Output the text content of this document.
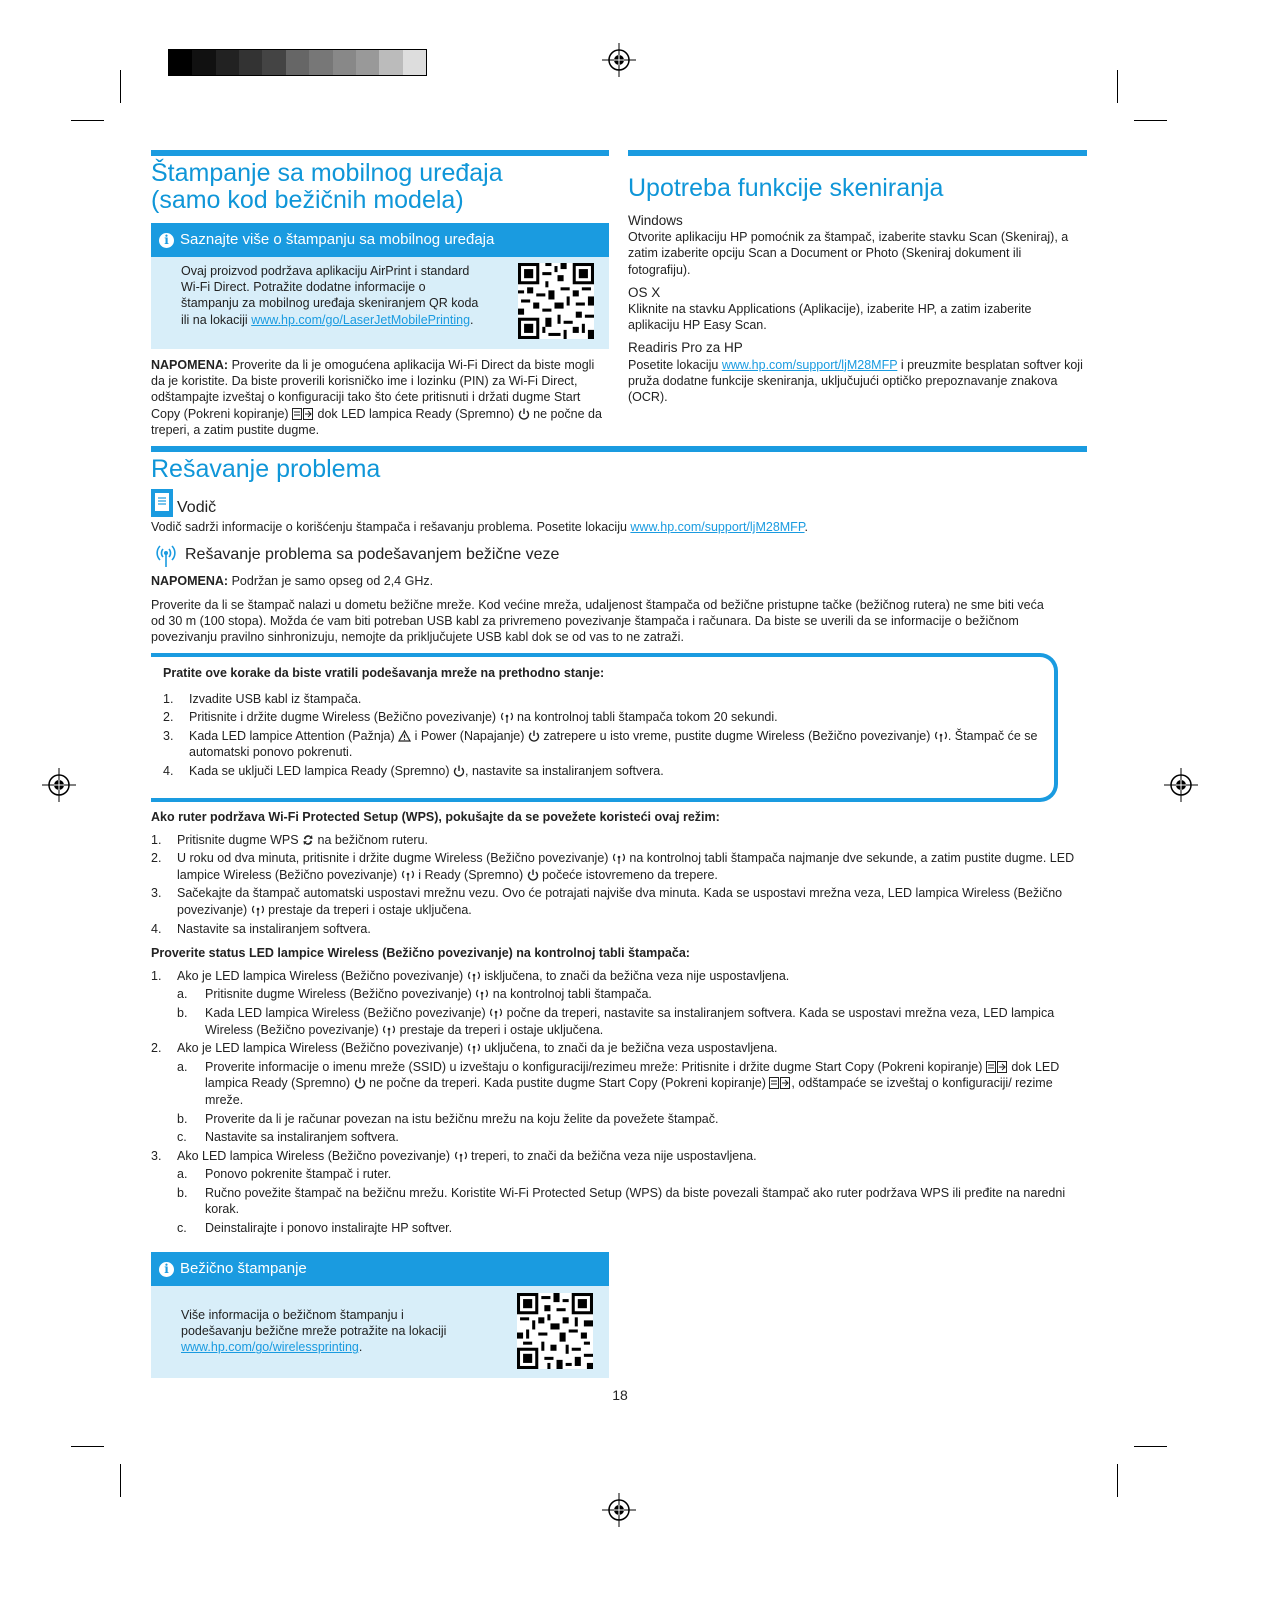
Štampanje sa mobilnog uređaja
(samo kod bežičnih modela)
i Saznajte više o štampanju sa mobilnog uređaja
Ovaj proizvod podržava aplikaciju AirPrint i standard Wi-Fi Direct. Potražite dodatne informacije o štampanju za mobilnog uređaja skeniranjem QR koda ili na lokaciji www.hp.com/go/LaserJetMobilePrinting.

NAPOMENA: Proverite da li je omogućena aplikacija Wi-Fi Direct da biste mogli da je koristite. Da biste proverili korisničko ime i lozinku (PIN) za Wi-Fi Direct, odštampajte izveštaj o konfiguraciji tako što ćete pritisnuti i držati dugme Start Copy (Pokreni kopiranje) dok LED lampica Ready (Spremno) ne počne da treperi, a zatim pustite dugme.

Upotreba funkcije skeniranja
Windows
Otvorite aplikaciju HP pomoćnik za štampač, izaberite stavku Scan (Skeniraj), a zatim izaberite opciju Scan a Document or Photo (Skeniraj dokument ili fotografiju).
OS X
Kliknite na stavku Applications (Aplikacije), izaberite HP, a zatim izaberite aplikaciju HP Easy Scan.
Readiris Pro za HP
Posetite lokaciju www.hp.com/support/ljM28MFP i preuzmite besplatan softver koji pruža dodatne funkcije skeniranja, uključujući optičko prepoznavanje znakova (OCR).
Rešavanje problema
Vodič
Vodič sadrži informacije o korišćenju štampača i rešavanju problema. Posetite lokaciju www.hp.com/support/ljM28MFP.
Rešavanje problema sa podešavanjem bežične veze

NAPOMENA: Podržan je samo opseg od 2,4 GHz.

Proverite da li se štampač nalazi u dometu bežične mreže. Kod većine mreža, udaljenost štampača od bežične pristupne tačke (bežičnog rutera) ne sme biti veća od 30 m (100 stopa). Možda će vam biti potreban USB kabl za privremeno povezivanje štampača i računara. Da biste se uverili da se informacije o bežičnom povezivanju pravilno sinhronizuju, nemojte da priključujete USB kabl dok se od vas to ne zatraži.

Pratite ove korake da biste vratili podešavanja mreže na prethodno stanje:
1.	Izvadite USB kabl iz štampača.
2.	Pritisnite i držite dugme Wireless (Bežično povezivanje) na kontrolnoj tabli štampača tokom 20 sekundi.
3.	Kada LED lampice Attention (Pažnja) i Power (Napajanje) zatrepere u isto vreme, pustite dugme Wireless (Bežično povezivanje) . Štampač će se automatski ponovo pokrenuti.
4.	Kada se uključi LED lampica Ready (Spremno) , nastavite sa instaliranjem softvera.
Ako ruter podržava Wi-Fi Protected Setup (WPS), pokušajte da se povežete koristeći ovaj režim:
1.	Pritisnite dugme WPS na bežičnom ruteru.
2.	U roku od dva minuta, pritisnite i držite dugme Wireless (Bežično povezivanje) na kontrolnoj tabli štampača najmanje dve sekunde, a zatim pustite dugme. LED lampice Wireless (Bežično povezivanje) i Ready (Spremno) počeće istovremeno da trepere.
3.	Sačekajte da štampač automatski uspostavi mrežnu vezu. Ovo će potrajati najviše dva minuta. Kada se uspostavi mrežna veza, LED lampica Wireless (Bežično povezivanje) prestaje da treperi i ostaje uključena.
4.	Nastavite sa instaliranjem softvera.
Proverite status LED lampice Wireless (Bežično povezivanje) na kontrolnoj tabli štampača:
1.	Ako je LED lampica Wireless (Bežično povezivanje) isključena, to znači da bežična veza nije uspostavljena.
a.	Pritisnite dugme Wireless (Bežično povezivanje) na kontrolnoj tabli štampača.
b.	Kada LED lampica Wireless (Bežično povezivanje) počne da treperi, nastavite sa instaliranjem softvera. Kada se uspostavi mrežna veza, LED lampica Wireless (Bežično povezivanje) prestaje da treperi i ostaje uključena.
2.	Ako je LED lampica Wireless (Bežično povezivanje) uključena, to znači da je bežična veza uspostavljena.
a.	Proverite informacije o imenu mreže (SSID) u izveštaju o konfiguraciji/rezimeu mreže: Pritisnite i držite dugme Start Copy (Pokreni kopiranje) dok LED lampica Ready (Spremno) ne počne da treperi. Kada pustite dugme Start Copy (Pokreni kopiranje) , odštampaće se izveštaj o konfiguraciji/ rezime mreže.
b.	Proverite da li je računar povezan na istu bežičnu mrežu na koju želite da povežete štampač.
c.	Nastavite sa instaliranjem softvera.
3.	Ako LED lampica Wireless (Bežično povezivanje) treperi, to znači da bežična veza nije uspostavljena.
a.	Ponovo pokrenite štampač i ruter.
b.	Ručno povežite štampač na bežičnu mrežu. Koristite Wi-Fi Protected Setup (WPS) da biste povezali štampač ako ruter podržava WPS ili pređite na naredni korak.
c.	Deinstalirajte i ponovo instalirajte HP softver.
i Bežično štampanje
Više informacija o bežičnom štampanju i podešavanju bežične mreže potražite na lokaciji www.hp.com/go/wirelessprinting.
18
